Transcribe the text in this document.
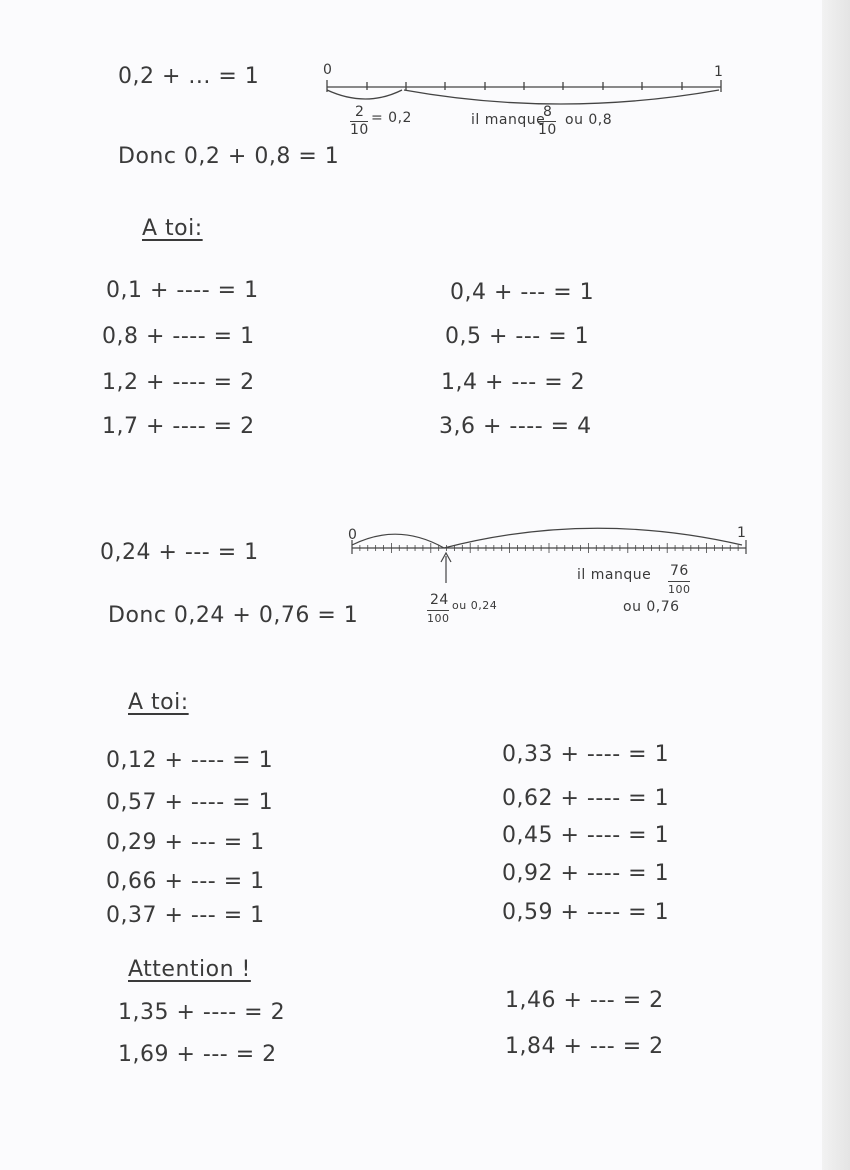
0,2 + ... = 1
Donc 0,2 + 0,8 = 1
0	1
2
10
= 0,2	il manque
8
10
ou 0,8
A toi:
0,1 + ---- = 1
0,8 + ---- = 1
1,2 + ---- = 2
1,7 + ---- = 2
0,4 + --- = 1
0,5 + --- = 1
1,4 + --- = 2
3,6 + ---- = 4
0,24 + --- = 1
Donc 0,24 + 0,76 = 1
0	1
24
100
ou 0,24
il manque 76
100
ou 0,76
A toi:
0,12 + ---- = 1
0,57 + ---- = 1
0,29 + --- = 1
0,66 + --- = 1
0,37 + --- = 1
0,33 + ---- = 1
0,62 + ---- = 1
0,45 + ---- = 1
0,92 + ---- = 1
0,59 + ---- = 1
Attention !
1,35 + ---- = 2
1,69 + --- = 2
1,46 + --- = 2
1,84 + --- = 2
